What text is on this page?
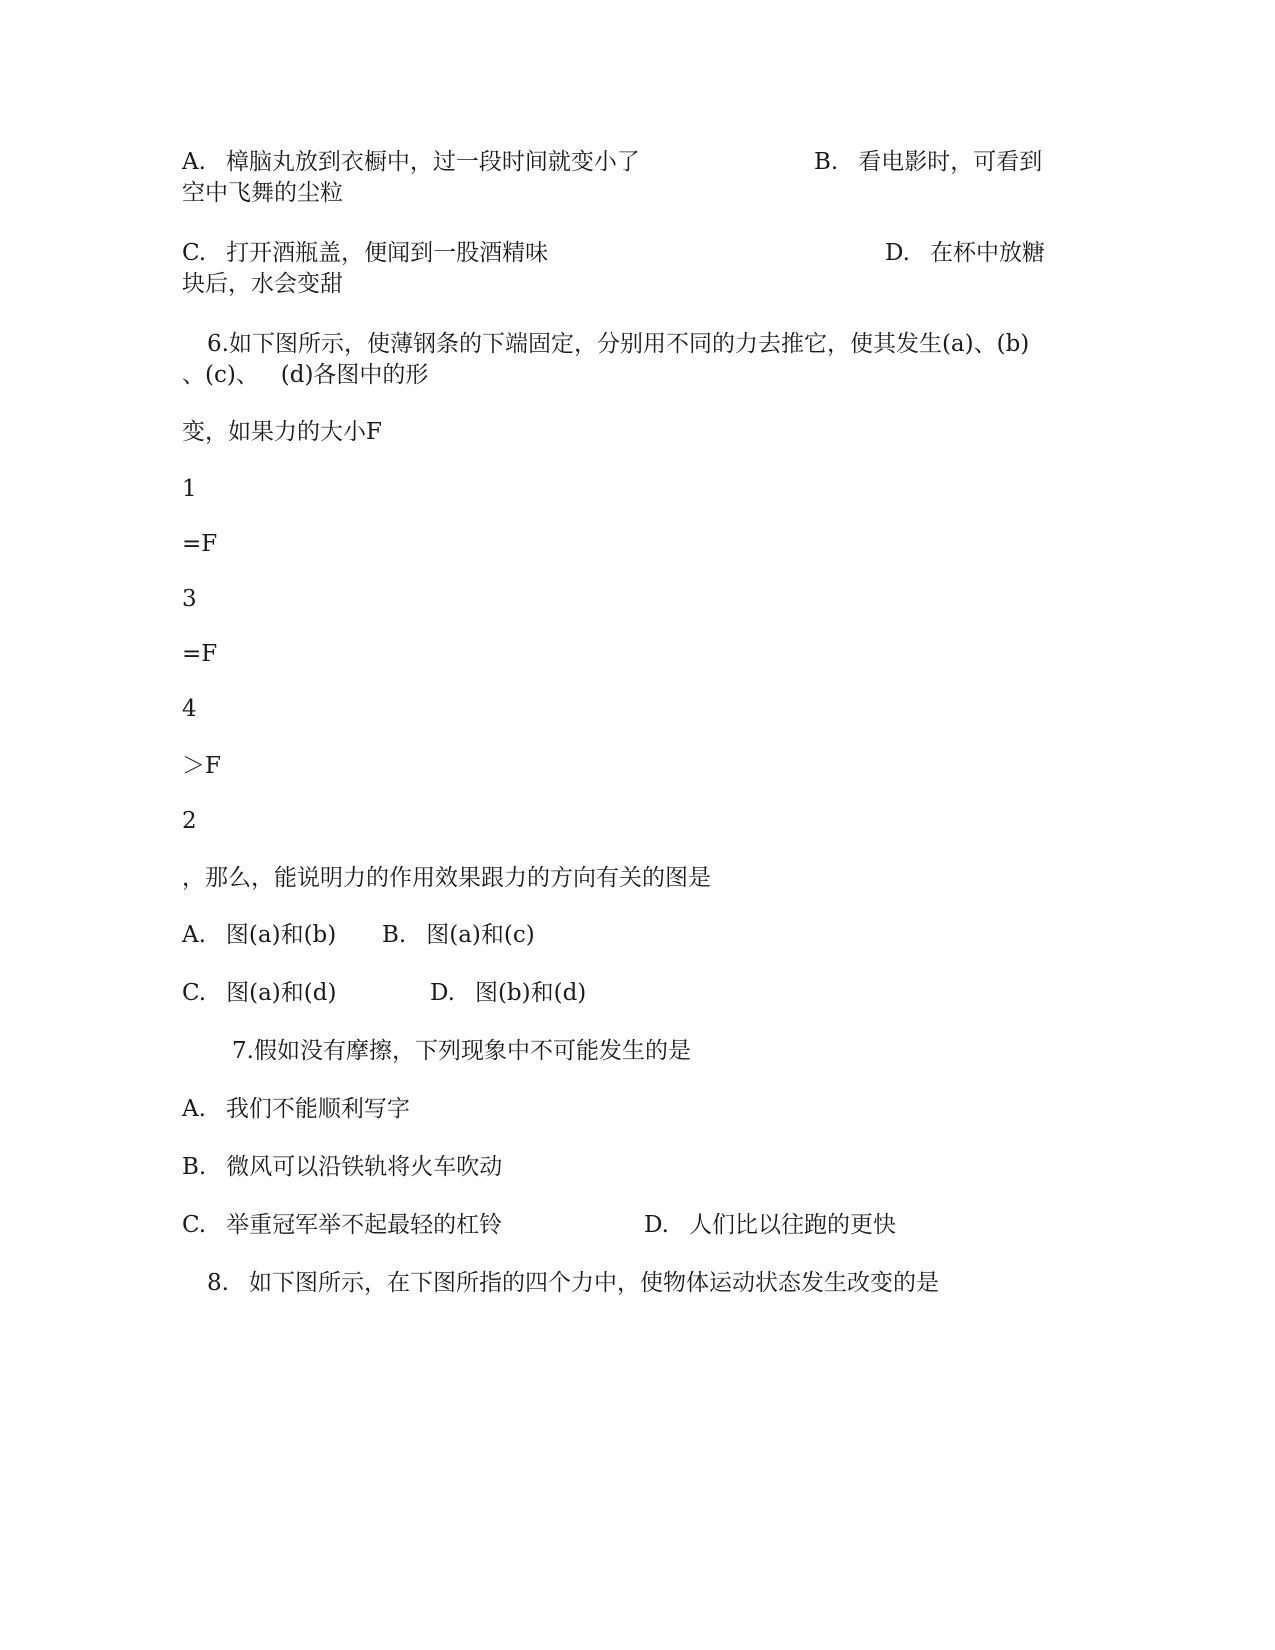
A. 樟脑丸放到衣橱中，过一段时间就变小了	B. 看电影时，可看到
空中飞舞的尘粒
C. 打开酒瓶盖，便闻到一股酒精味	D. 在杯中放糖
块后，水会变甜
6.如下图所示，使薄钢条的下端固定，分别用不同的力去推它，使其发生(a)、(b)
、(c)、   (d)各图中的形
变，如果力的大小F
1
=F
3
=F
4
＞F
2
，那么，能说明力的作用效果跟力的方向有关的图是
A. 图(a)和(b) B. 图(a)和(c)
C. 图(a)和(d)	D. 图(b)和(d)
7.假如没有摩擦，下列现象中不可能发生的是
A. 我们不能顺利写字
B. 微风可以沿铁轨将火车吹动
C. 举重冠军举不起最轻的杠铃	D. 人们比以往跑的更快
8. 如下图所示，在下图所指的四个力中，使物体运动状态发生改变的是
